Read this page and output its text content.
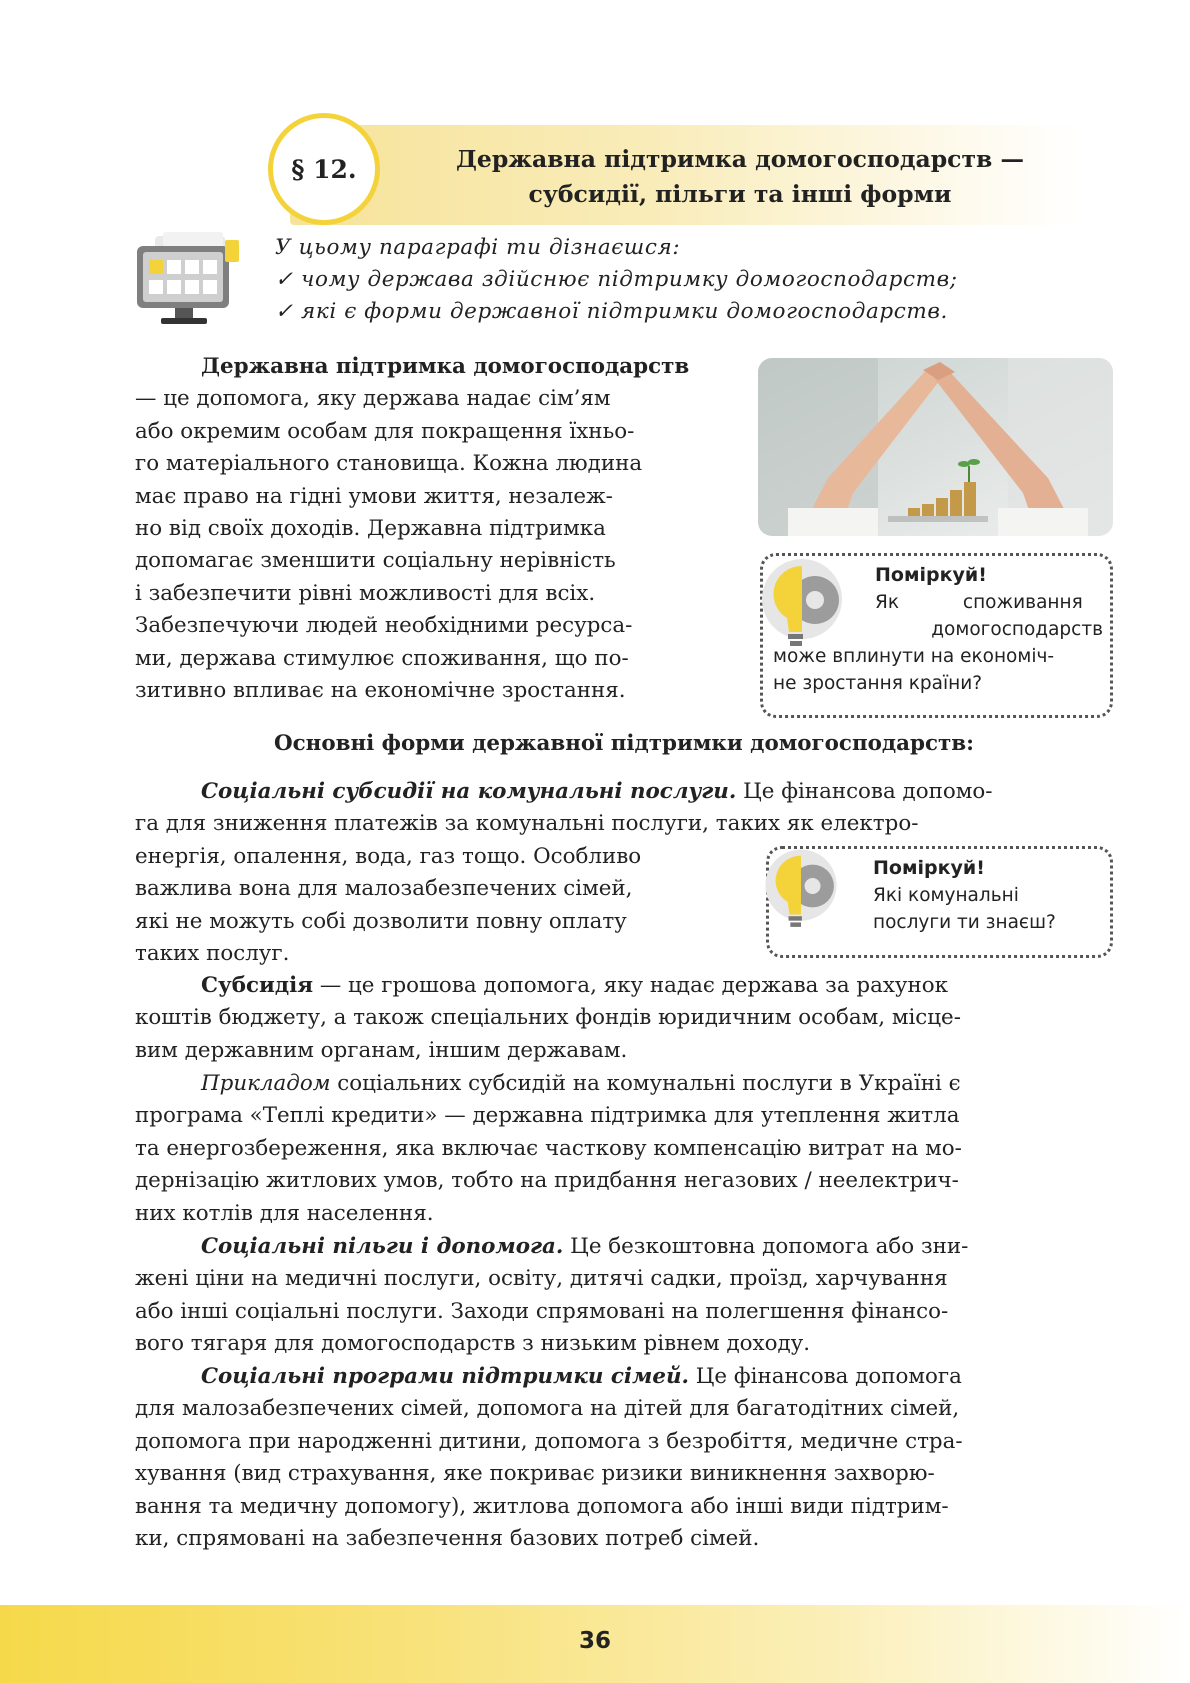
§ 12.	Державна підтримка домогосподарств —
субсидії, пільги та інші форми
У цьому параграфі ти дізнаєшся:
✓ чому держава здійснює підтримку домогосподарств;
✓ які є форми державної підтримки домогосподарств.
Державна підтримка домогосподарств
— це допомога, яку держава надає сім’ям
або окремим особам для покращення їхньо-
го матеріального становища. Кожна людина
має право на гідні умови життя, незалеж-
но від своїх доходів. Державна підтримка
допомагає зменшити соціальну нерівність
і забезпечити рівні можливості для всіх.
Забезпечуючи людей необхідними ресурса-
ми, держава стимулює споживання, що по-
зитивно впливає на економічне зростання.
Поміркуй!
Як споживання
домогосподарств
може вплинути на економіч-
не зростання країни?
Основні форми державної підтримки домогосподарств:
Соціальні субсидії на комунальні послуги. Це фінансова допомо-
га для зниження платежів за комунальні послуги, таких як електро-
енергія, опалення, вода, газ тощо. Особливо
важлива вона для малозабезпечених сімей,
які не можуть собі дозволити повну оплату
таких послуг.
Поміркуй!
Які комунальні
послуги ти знаєш?
Субсидія — це грошова допомога, яку надає держава за рахунок
коштів бюджету, а також спеціальних фондів юридичним особам, місце-
вим державним органам, іншим державам.
Прикладом соціальних субсидій на комунальні послуги в Україні є
програма «Теплі кредити» — державна підтримка для утеплення житла
та енергозбереження, яка включає часткову компенсацію витрат на мо-
дернізацію житлових умов, тобто на придбання негазових / неелектрич-
них котлів для населення.
Соціальні пільги і допомога. Це безкоштовна допомога або зни-
жені ціни на медичні послуги, освіту, дитячі садки, проїзд, харчування
або інші соціальні послуги. Заходи спрямовані на полегшення фінансо-
вого тягаря для домогосподарств з низьким рівнем доходу.
Соціальні програми підтримки сімей. Це фінансова допомога
для малозабезпечених сімей, допомога на дітей для багатодітних сімей,
допомога при народженні дитини, допомога з безробіття, медичне стра-
хування (вид страхування, яке покриває ризики виникнення захворю-
вання та медичну допомогу), житлова допомога або інші види підтрим-
ки, спрямовані на забезпечення базових потреб сімей.
36
